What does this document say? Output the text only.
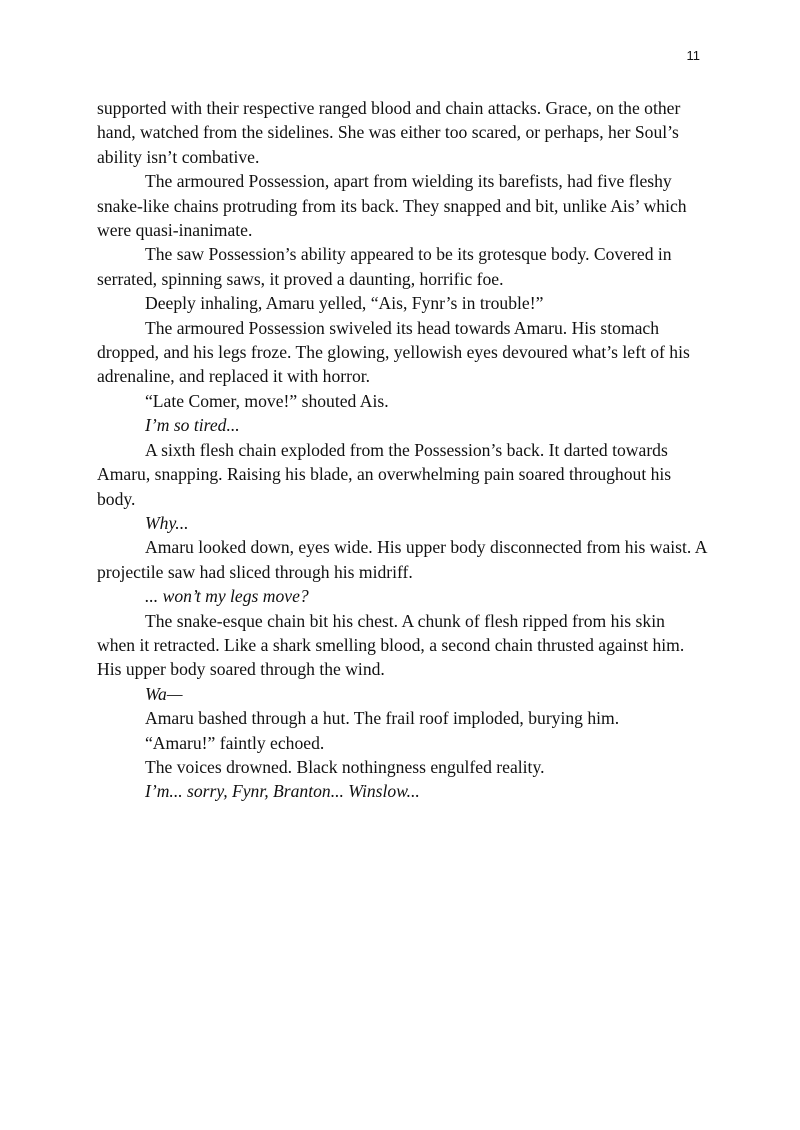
11

supported with their respective ranged blood and chain attacks. Grace, on the other hand, watched from the sidelines. She was either too scared, or perhaps, her Soul’s ability isn’t combative.

The armoured Possession, apart from wielding its barefists, had five fleshy snake-like chains protruding from its back. They snapped and bit, unlike Ais’ which were quasi-inanimate.

The saw Possession’s ability appeared to be its grotesque body. Covered in serrated, spinning saws, it proved a daunting, horrific foe.

Deeply inhaling, Amaru yelled, “Ais, Fynr’s in trouble!”

The armoured Possession swiveled its head towards Amaru. His stomach dropped, and his legs froze. The glowing, yellowish eyes devoured what’s left of his adrenaline, and replaced it with horror.

“Late Comer, move!” shouted Ais.

I’m so tired...

A sixth flesh chain exploded from the Possession’s back. It darted towards Amaru, snapping. Raising his blade, an overwhelming pain soared throughout his body.

Why...

Amaru looked down, eyes wide. His upper body disconnected from his waist. A projectile saw had sliced through his midriff.

... won’t my legs move?

The snake-esque chain bit his chest. A chunk of flesh ripped from his skin when it retracted. Like a shark smelling blood, a second chain thrusted against him. His upper body soared through the wind.

Wa—

Amaru bashed through a hut. The frail roof imploded, burying him.

“Amaru!” faintly echoed.

The voices drowned. Black nothingness engulfed reality.

I’m... sorry, Fynr, Branton... Winslow...
